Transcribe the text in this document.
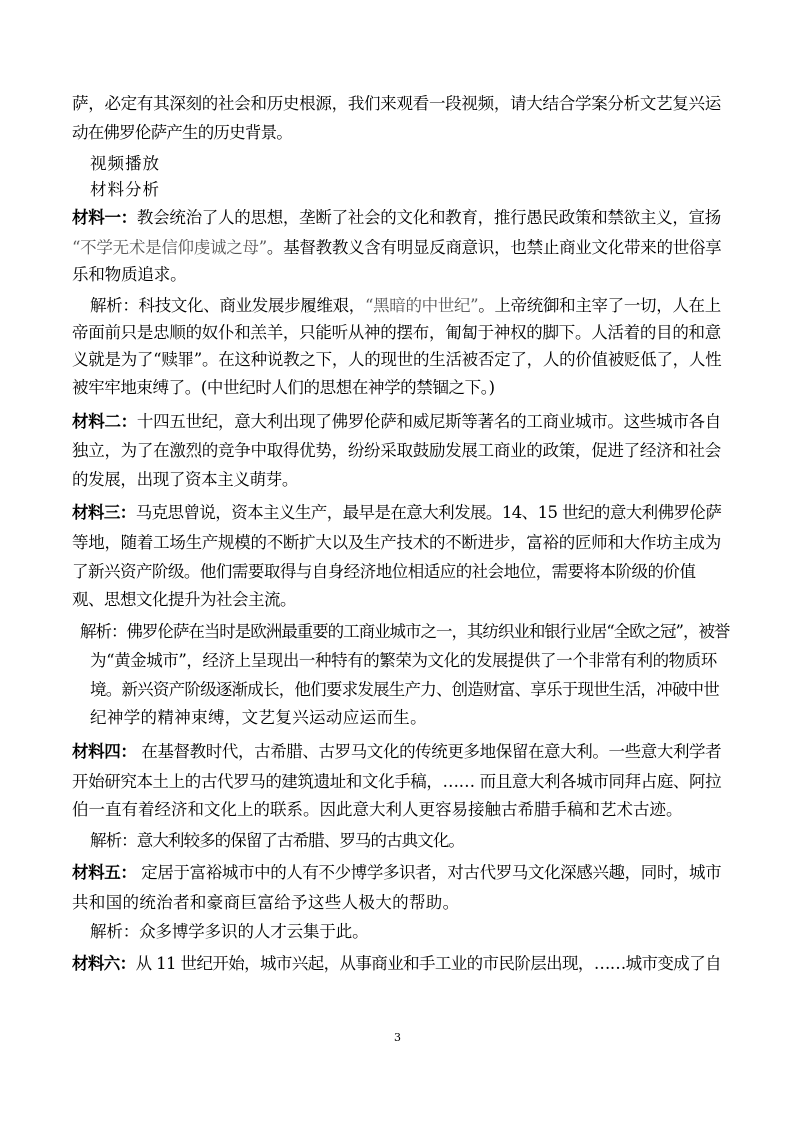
萨，必定有其深刻的社会和历史根源，我们来观看一段视频，请大结合学案分析文艺复兴运
动在佛罗伦萨产生的历史背景。
视频播放
材料分析
材料一：教会统治了人的思想，垄断了社会的文化和教育，推行愚民政策和禁欲主义，宣扬
“不学无术是信仰虔诚之母”。基督教教义含有明显反商意识，也禁止商业文化带来的世俗享
乐和物质追求。
解析：科技文化、商业发展步履维艰，“黑暗的中世纪”。上帝统御和主宰了一切，人在上
帝面前只是忠顺的奴仆和羔羊，只能听从神的摆布，匍匐于神权的脚下。人活着的目的和意
义就是为了“赎罪”。在这种说教之下，人的现世的生活被否定了，人的价值被贬低了，人性
被牢牢地束缚了。(中世纪时人们的思想在神学的禁锢之下。)
材料二：十四五世纪，意大利出现了佛罗伦萨和威尼斯等著名的工商业城市。这些城市各自
独立，为了在激烈的竞争中取得优势，纷纷采取鼓励发展工商业的政策，促进了经济和社会
的发展，出现了资本主义萌芽。
材料三：马克思曾说，资本主义生产，最早是在意大利发展。14、15 世纪的意大利佛罗伦萨
等地，随着工场生产规模的不断扩大以及生产技术的不断进步，富裕的匠师和大作坊主成为
了新兴资产阶级。他们需要取得与自身经济地位相适应的社会地位，需要将本阶级的价值
观、思想文化提升为社会主流。
解析：佛罗伦萨在当时是欧洲最重要的工商业城市之一，其纺织业和银行业居“全欧之冠”，被誉
为“黄金城市”，经济上呈现出一种特有的繁荣为文化的发展提供了一个非常有利的物质环
境。新兴资产阶级逐渐成长，他们要求发展生产力、创造财富、享乐于现世生活，冲破中世
纪神学的精神束缚，文艺复兴运动应运而生。
材料四： 在基督教时代，古希腊、古罗马文化的传统更多地保留在意大利。一些意大利学者
开始研究本土上的古代罗马的建筑遗址和文化手稿，…… 而且意大利各城市同拜占庭、阿拉
伯一直有着经济和文化上的联系。因此意大利人更容易接触古希腊手稿和艺术古迹。
解析：意大利较多的保留了古希腊、罗马的古典文化。
材料五： 定居于富裕城市中的人有不少博学多识者，对古代罗马文化深感兴趣，同时，城市
共和国的统治者和豪商巨富给予这些人极大的帮助。
解析：众多博学多识的人才云集于此。
材料六：从 11 世纪开始，城市兴起，从事商业和手工业的市民阶层出现，……城市变成了自
3
